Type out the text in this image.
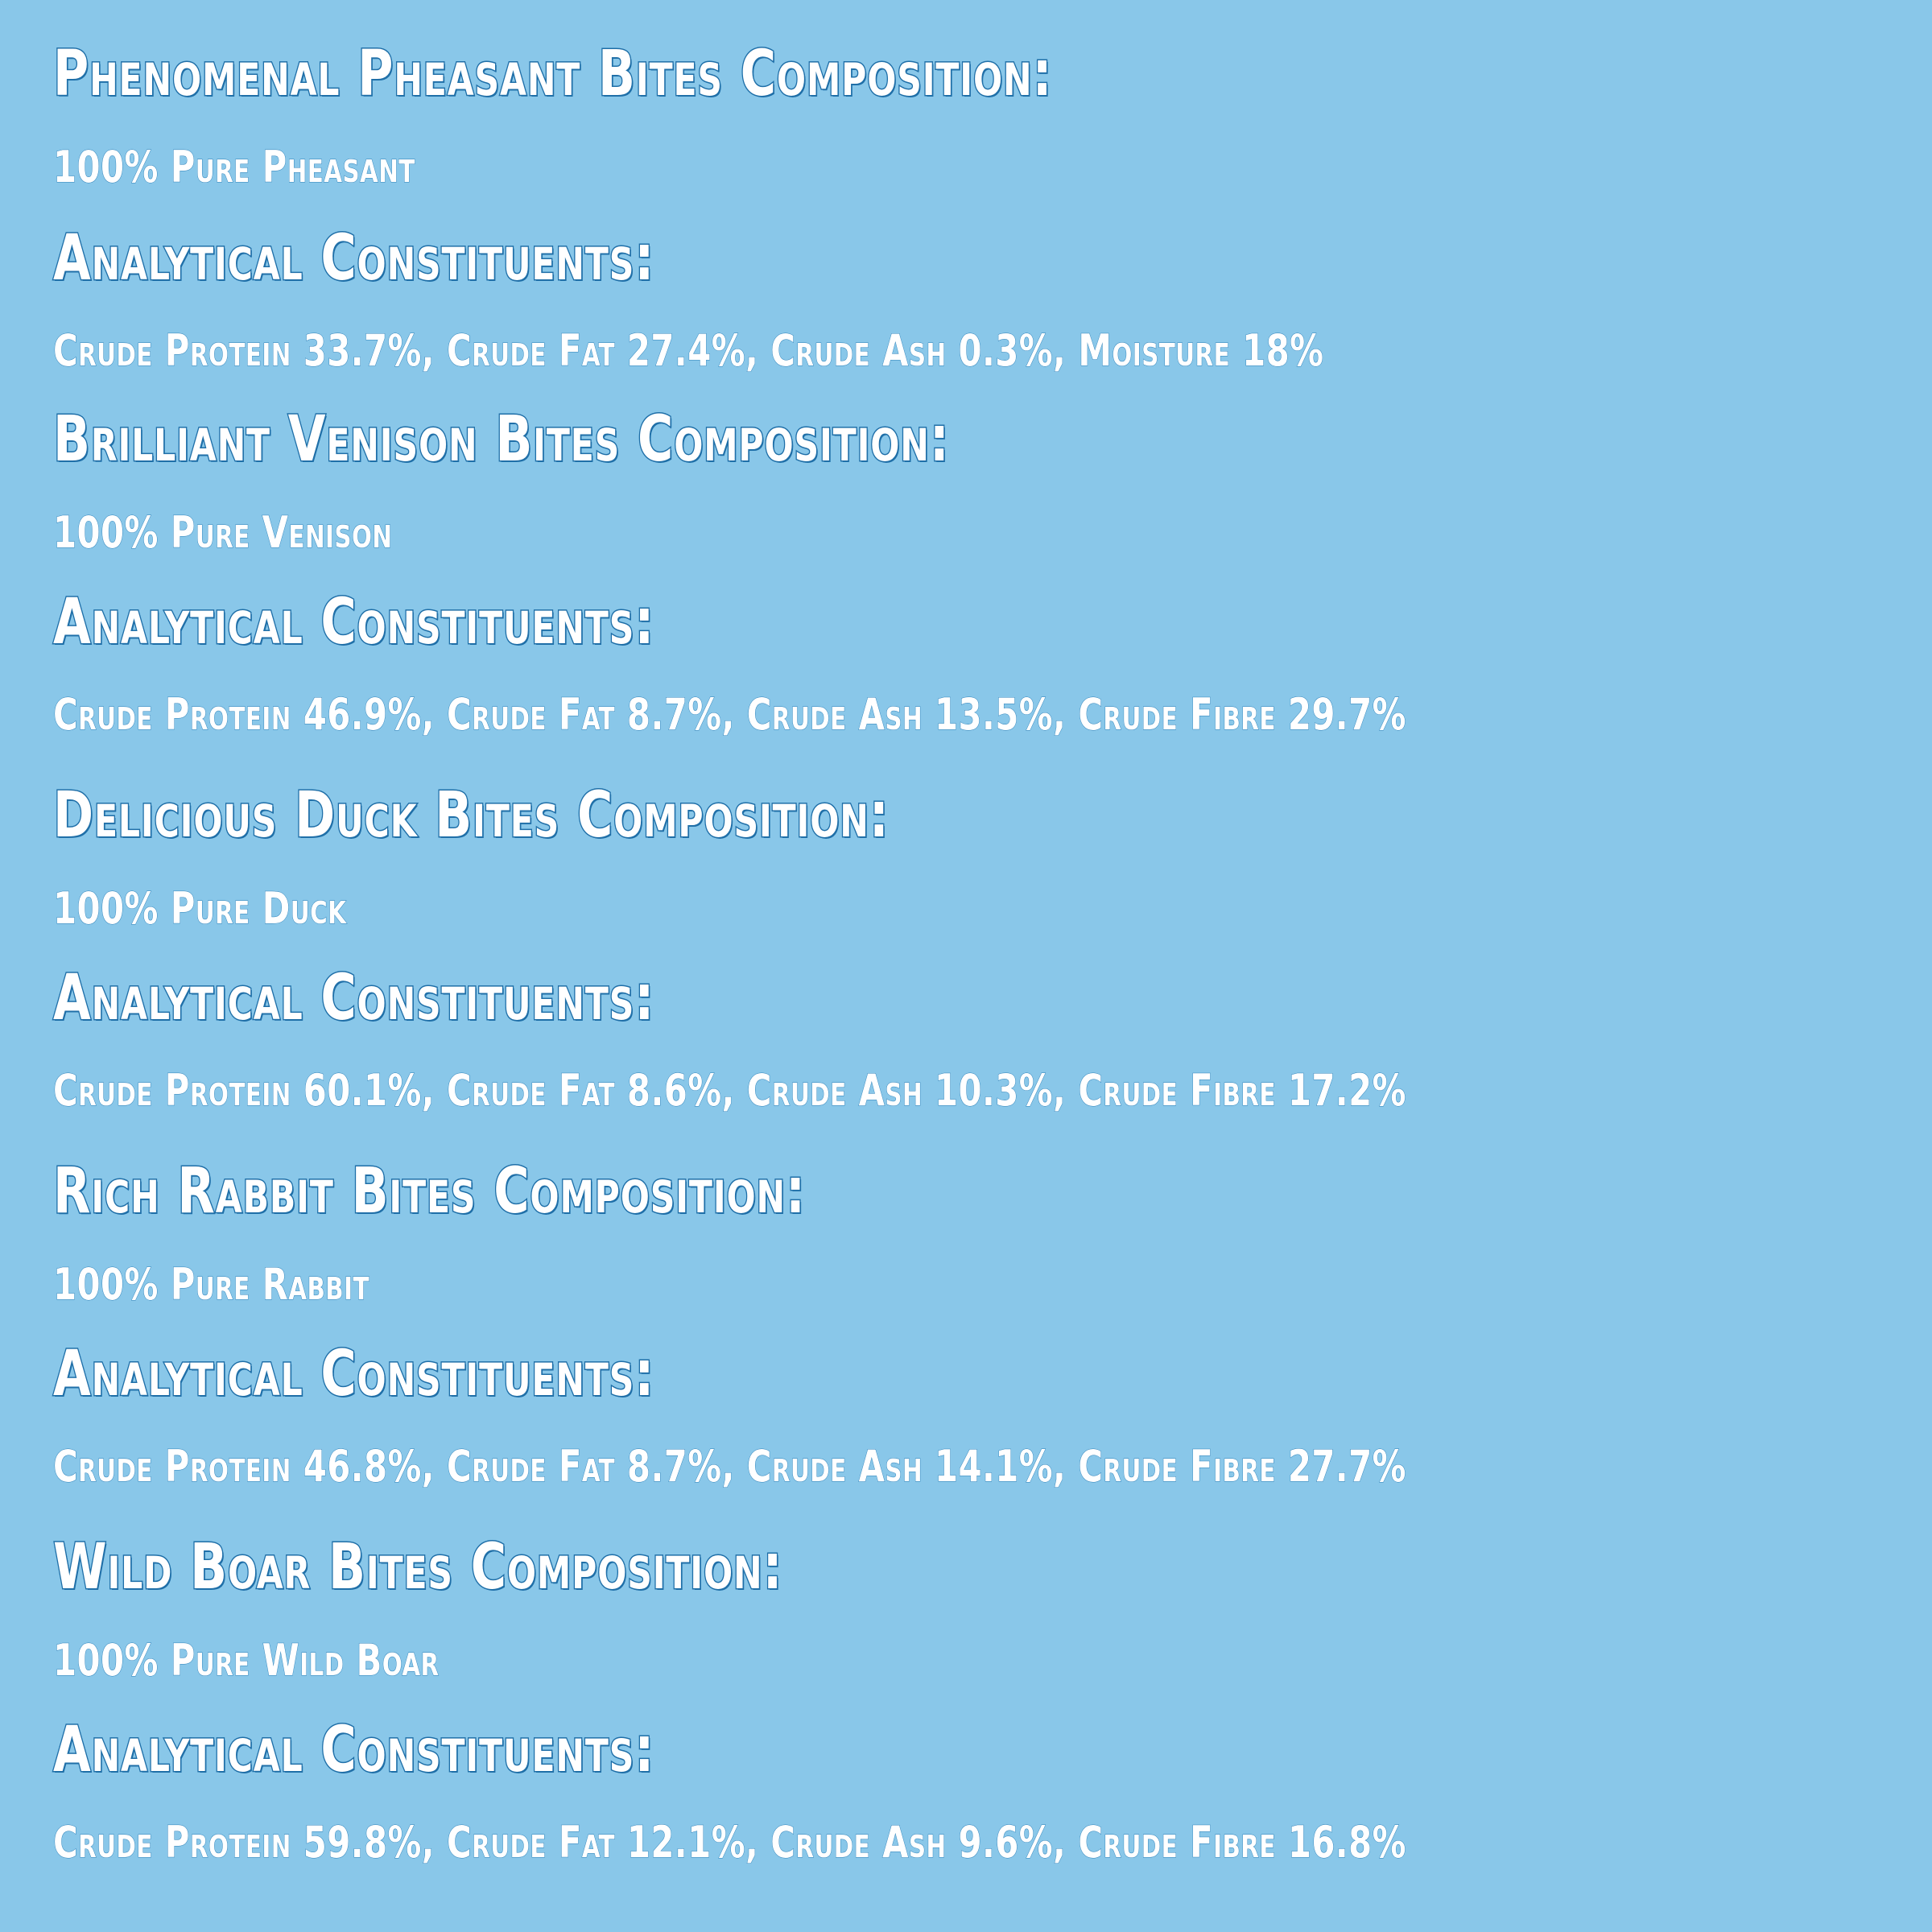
Phenomenal Pheasant Bites Composition:

100% Pure Pheasant

Analytical Constituents:

Crude Protein 33.7%, Crude Fat 27.4%, Crude Ash 0.3%, Moisture 18%

Brilliant Venison Bites Composition:

100% Pure Venison

Analytical Constituents:

Crude Protein 46.9%, Crude Fat 8.7%, Crude Ash 13.5%, Crude Fibre 29.7%

Delicious Duck Bites Composition:

100% Pure Duck

Analytical Constituents:

Crude Protein 60.1%, Crude Fat 8.6%, Crude Ash 10.3%, Crude Fibre 17.2%

Rich Rabbit Bites Composition:

100% Pure Rabbit

Analytical Constituents:

Crude Protein 46.8%, Crude Fat 8.7%, Crude Ash 14.1%, Crude Fibre 27.7%

Wild Boar Bites Composition:

100% Pure Wild Boar

Analytical Constituents:

Crude Protein 59.8%, Crude Fat 12.1%, Crude Ash 9.6%, Crude Fibre 16.8%
